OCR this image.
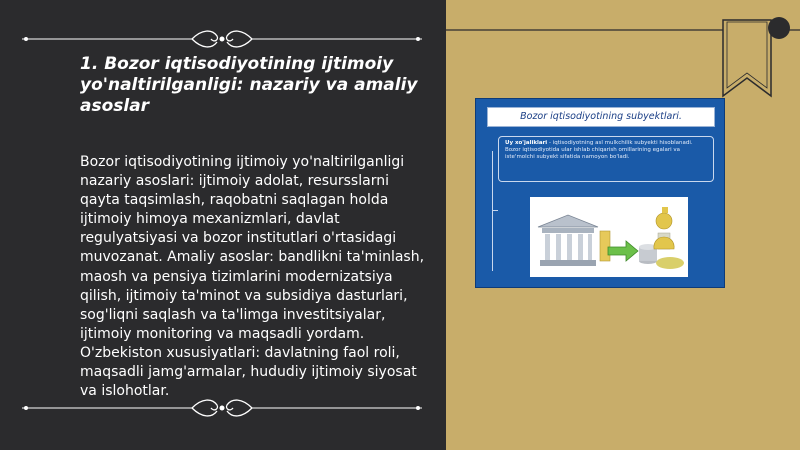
1. Bozor iqtisodiyotining ijtimoiy yo'naltirilganligi: nazariy va amaliy asoslar

Bozor iqtisodiyotining ijtimoiy yo'naltirilganligi nazariy asoslari: ijtimoiy adolat, resursslarni qayta taqsimlash, raqobatni saqlagan holda ijtimoiy himoya mexanizmlari, davlat regulyatsiyasi va bozor institutlari o'rtasidagi muvozanat. Amaliy asoslar: bandlikni ta'minlash, maosh va pensiya tizimlarini modernizatsiya qilish, ijtimoiy ta'minot va subsidiya dasturlari, sog'liqni saqlash va ta'limga investitsiyalar, ijtimoiy monitoring va maqsadli yordam. O'zbekiston xususiyatlari: davlatning faol roli, maqsadli jamg'armalar, hududiy ijtimoiy siyosat va islohotlar.

Bozor iqtisodiyotining subyektlari.
Uy xo'jaliklari - iqtisodiyotning asl mulkchilik subyekti hisoblanadi. Bozor iqtisodiyotida ular ishlab chiqarish omillarining egalari va iste'molchi subyekt sifatida namoyon bo'ladi.
